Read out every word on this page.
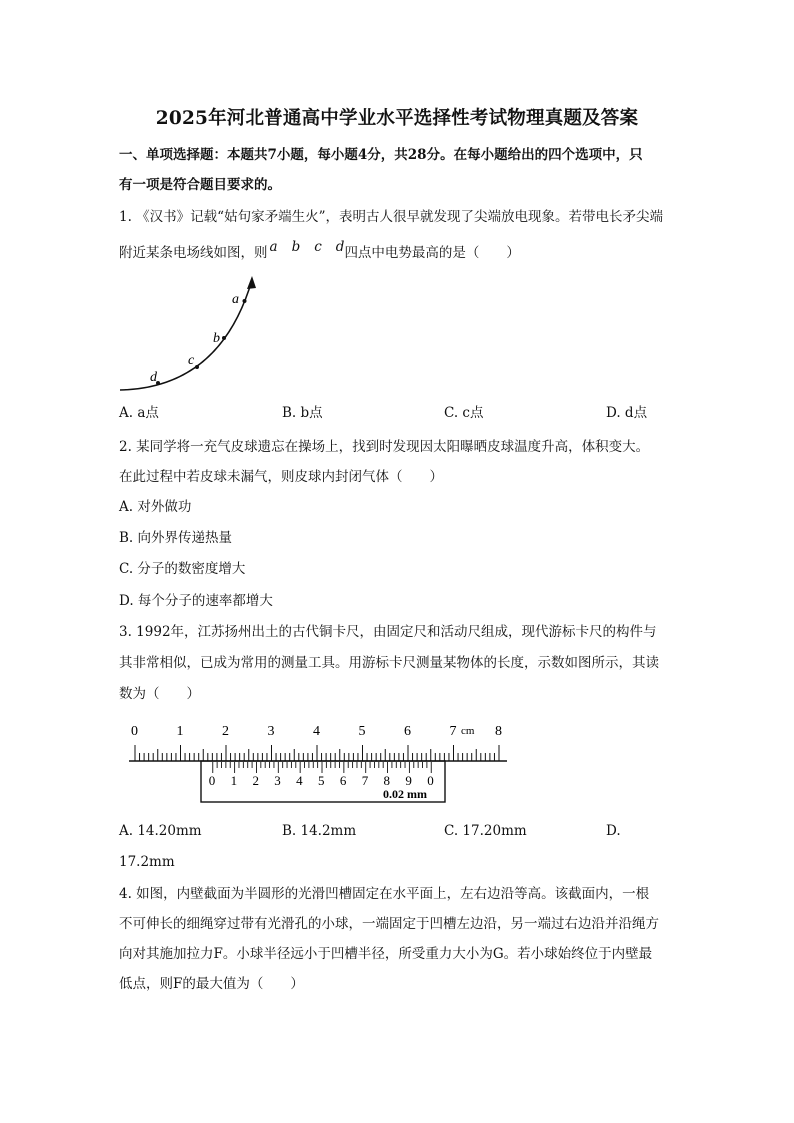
2025年河北普通高中学业水平选择性考试物理真题及答案
一、单项选择题：本题共7小题，每小题4分，共28分。在每小题给出的四个选项中，只
有一项是符合题目要求的。
1. 《汉书》记载“姑句家矛端生火”，表明古人很早就发现了尖端放电现象。若带电长矛尖端
附近某条电场线如图，则 a b c d四点中电势最高的是（　　）
a
b
c
d
A. a点	B. b点	C. c点	D. d点
2. 某同学将一充气皮球遗忘在操场上，找到时发现因太阳曝晒皮球温度升高，体积变大。
在此过程中若皮球未漏气，则皮球内封闭气体（　　）
A. 对外做功
B. 向外界传递热量
C. 分子的数密度增大
D. 每个分子的速率都增大
3. 1992年，江苏扬州出土的古代铜卡尺，由固定尺和活动尺组成，现代游标卡尺的构件与
其非常相似，已成为常用的测量工具。用游标卡尺测量某物体的长度，示数如图所示，其读
数为（　　）
0	1	2	3	4	5	6	7	8
0 1 2 3 4 5 6 7 8 9 0
0.02 mm
cm
A. 14.20mm	B. 14.2mm	C. 17.20mm	D.
17.2mm
4. 如图，内壁截面为半圆形的光滑凹槽固定在水平面上，左右边沿等高。该截面内，一根
不可伸长的细绳穿过带有光滑孔的小球，一端固定于凹槽左边沿，另一端过右边沿并沿绳方
向对其施加拉力F。小球半径远小于凹槽半径，所受重力大小为G。若小球始终位于内壁最
低点，则F的最大值为（　　）
